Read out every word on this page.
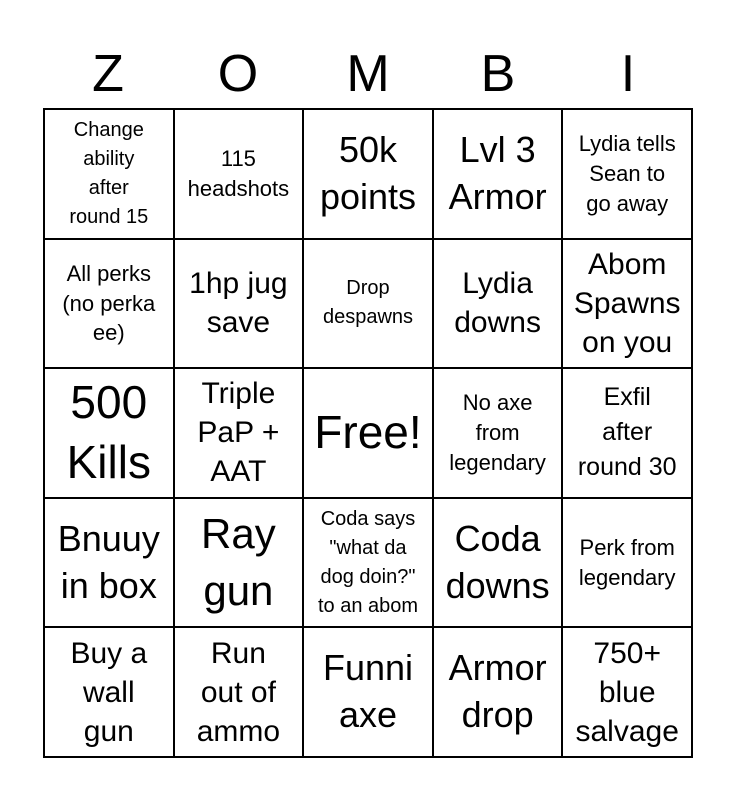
Z	O	M	B	I
Change
ability
after
round 15
115
headshots
50k
points
Lvl 3
Armor
Lydia tells
Sean to
go away
All perks
(no perka
ee)
1hp jug
save
Drop
despawns
Lydia
downs
Abom
Spawns
on you
500
Kills
Triple
PaP +
AAT
Free!
No axe
from
legendary
Exfil
after
round 30
Bnuuy
in box
Ray
gun
Coda says
"what da
dog doin?"
to an abom
Coda
downs
Perk from
legendary
Buy a
wall
gun
Run
out of
ammo
Funni
axe
Armor
drop
750+
blue
salvage
